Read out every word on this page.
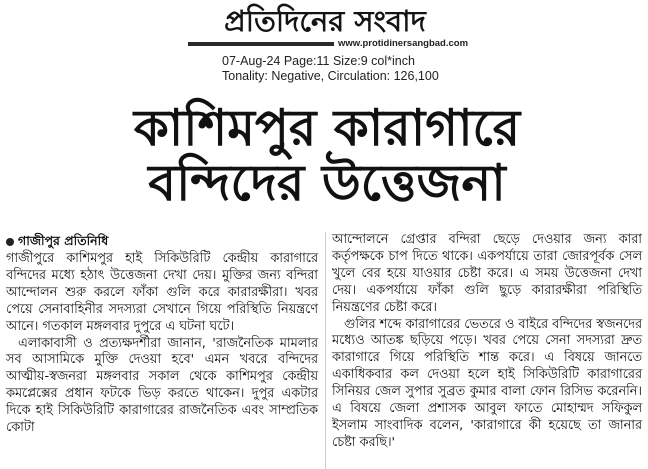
প্রতিদিনের সংবাদ
www.protidinersangbad.com
07-Aug-24 Page:11 Size:9 col*inch
Tonality: Negative, Circulation: 126,100
কাশিমপুর কারাগারে
বন্দিদের উত্তেজনা
গাজীপুর প্রতিনিধি

গাজীপুরে কাশিমপুর হাই সিকিউরিটি কেন্দ্রীয় কারাগারে বন্দিদের মধ্যে হঠাৎ উত্তেজনা দেখা দেয়। মুক্তির জন্য বন্দিরা আন্দোলন শুরু করলে ফাঁকা গুলি করে কারারক্ষীরা। খবর পেয়ে সেনাবাহিনীর সদস্যরা সেখানে গিয়ে পরিস্থিতি নিয়ন্ত্রণে আনে। গতকাল মঙ্গলবার দুপুরে এ ঘটনা ঘটে।

এলাকাবাসী ও প্রত্যক্ষদর্শীরা জানান, 'রাজনৈতিক মামলার সব আসামিকে মুক্তি দেওয়া হবে' এমন খবরে বন্দিদের আত্মীয়-স্বজনরা মঙ্গলবার সকাল থেকে কাশিমপুর কেন্দ্রীয় কমপ্লেক্সের প্রধান ফটকে ভিড় করতে থাকেন। দুপুর একটার দিকে হাই সিকিউরিটি কারাগারের রাজনৈতিক এবং সাম্প্রতিক কোটা

আন্দোলনে গ্রেপ্তার বন্দিরা ছেড়ে দেওয়ার জন্য কারা কর্তৃপক্ষকে চাপ দিতে থাকে। একপর্যায়ে তারা জোরপূর্বক সেল খুলে বের হয়ে যাওয়ার চেষ্টা করে। এ সময় উত্তেজনা দেখা দেয়। একপর্যায়ে ফাঁকা গুলি ছুড়ে কারারক্ষীরা পরিস্থিতি নিয়ন্ত্রণের চেষ্টা করে।

গুলির শব্দে কারাগারের ভেতরে ও বাইরে বন্দিদের স্বজনদের মধ্যেও আতঙ্ক ছড়িয়ে পড়ে। খবর পেয়ে সেনা সদস্যরা দ্রুত কারাগারে গিয়ে পরিস্থিতি শান্ত করে। এ বিষয়ে জানতে একাধিকবার কল দেওয়া হলে হাই সিকিউরিটি কারাগারের সিনিয়র জেল সুপার সুব্রত কুমার বালা ফোন রিসিভ করেননি। এ বিষয়ে জেলা প্রশাসক আবুল ফাতে মোহাম্মদ সফিকুল ইসলাম সাংবাদিক বলেন, 'কারাগারে কী হয়েছে তা জানার চেষ্টা করছি।'
